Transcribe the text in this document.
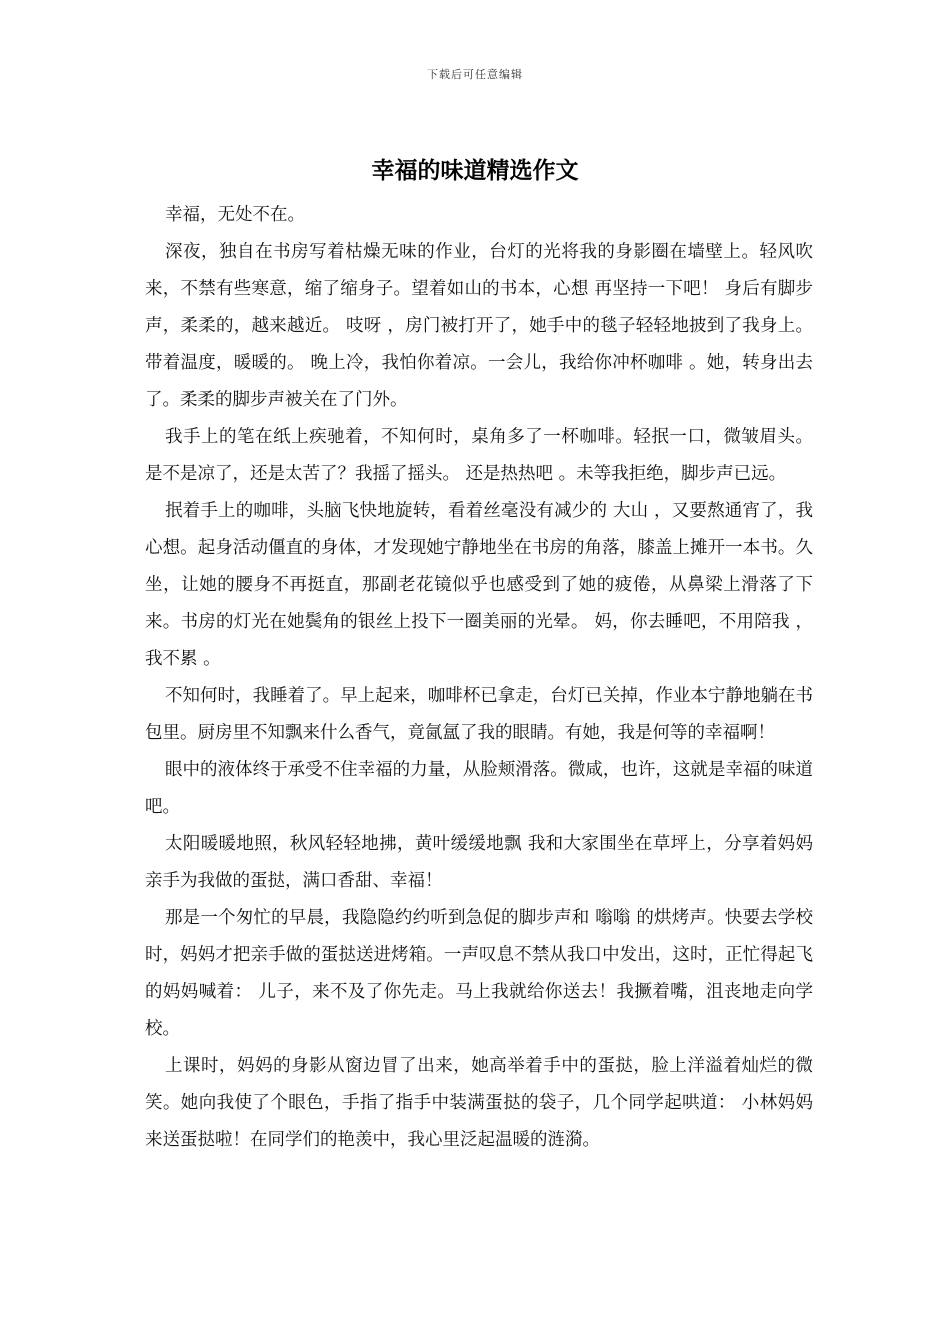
下载后可任意编辑
幸福的味道精选作文

幸福，无处不在。

深夜，独自在书房写着枯燥无味的作业，台灯的光将我的身影圈在墙壁上。轻风吹来，不禁有些寒意，缩了缩身子。望着如山的书本，心想 再坚持一下吧！ 身后有脚步声，柔柔的，越来越近。 吱呀 ，房门被打开了，她手中的毯子轻轻地披到了我身上。带着温度，暖暖的。 晚上冷，我怕你着凉。一会儿，我给你冲杯咖啡 。她，转身出去了。柔柔的脚步声被关在了门外。

我手上的笔在纸上疾驰着，不知何时，桌角多了一杯咖啡。轻抿一口，微皱眉头。 是不是凉了，还是太苦了？我摇了摇头。 还是热热吧 。未等我拒绝，脚步声已远。

抿着手上的咖啡，头脑飞快地旋转，看着丝毫没有减少的 大山 ，又要熬通宵了，我心想。起身活动僵直的身体，才发现她宁静地坐在书房的角落，膝盖上摊开一本书。久坐，让她的腰身不再挺直，那副老花镜似乎也感受到了她的疲倦，从鼻梁上滑落了下来。书房的灯光在她鬓角的银丝上投下一圈美丽的光晕。 妈，你去睡吧，不用陪我 ， 我不累 。

不知何时，我睡着了。早上起来，咖啡杯已拿走，台灯已关掉，作业本宁静地躺在书包里。厨房里不知飘来什么香气，竟氤氲了我的眼睛。有她，我是何等的幸福啊！

眼中的液体终于承受不住幸福的力量，从脸颊滑落。微咸，也许，这就是幸福的味道吧。

太阳暖暖地照，秋风轻轻地拂，黄叶缓缓地飘 我和大家围坐在草坪上，分享着妈妈亲手为我做的蛋挞，满口香甜、幸福！

那是一个匆忙的早晨，我隐隐约约听到急促的脚步声和 嗡嗡 的烘烤声。快要去学校时，妈妈才把亲手做的蛋挞送进烤箱。一声叹息不禁从我口中发出，这时，正忙得起飞的妈妈喊着： 儿子，来不及了你先走。马上我就给你送去！我撅着嘴，沮丧地走向学校。

上课时，妈妈的身影从窗边冒了出来，她高举着手中的蛋挞，脸上洋溢着灿烂的微笑。她向我使了个眼色，手指了指手中装满蛋挞的袋子，几个同学起哄道： 小林妈妈来送蛋挞啦！在同学们的艳羡中，我心里泛起温暖的涟漪。
